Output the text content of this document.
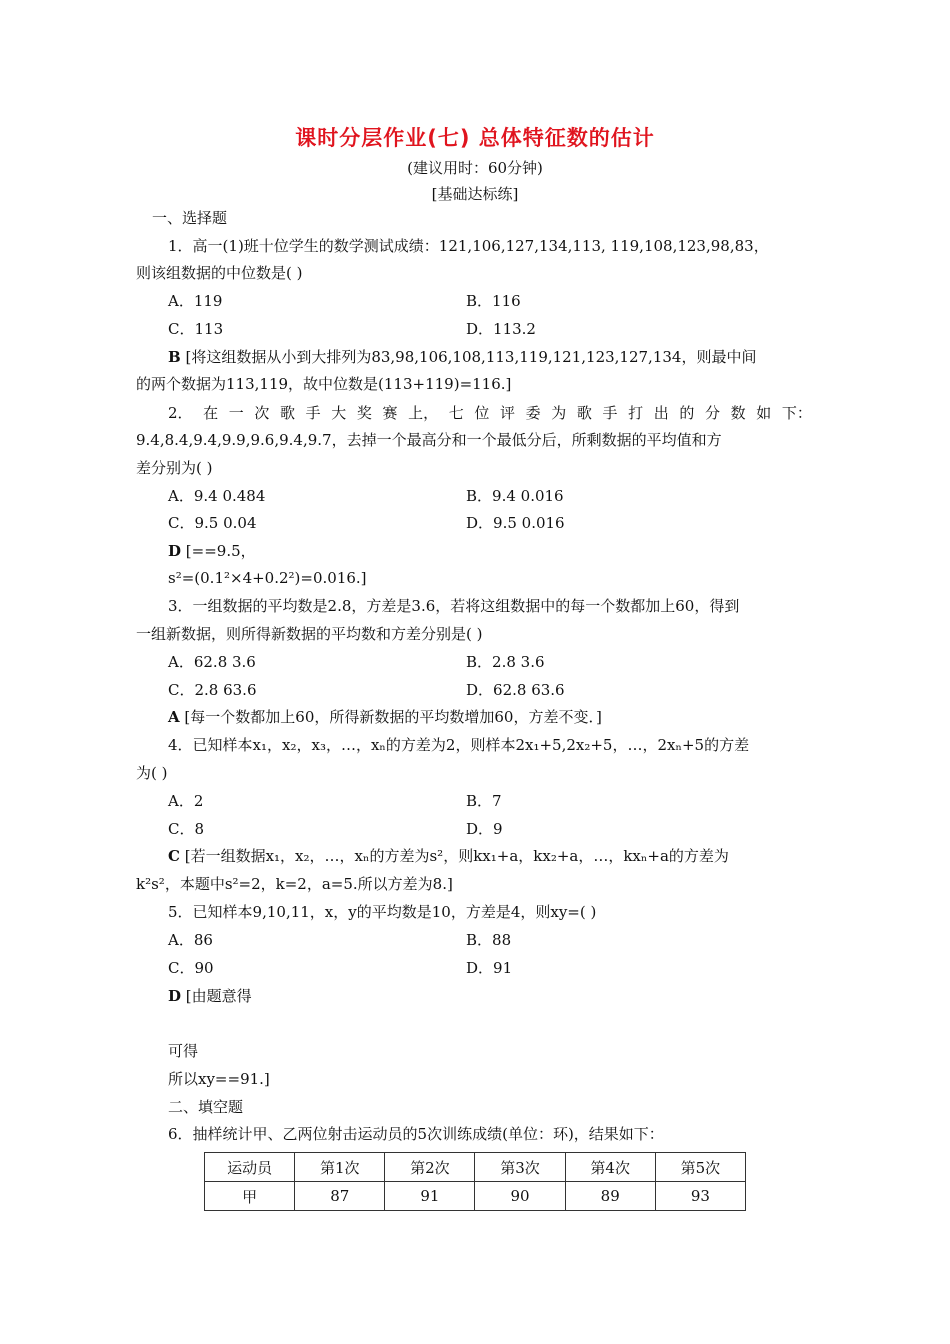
课时分层作业(七) 总体特征数的估计
(建议用时：60分钟)
[基础达标练]
一、选择题
1．高一(1)班十位学生的数学测试成绩：121,106,127,134,113, 119,108,123,98,83，
则该组数据的中位数是( )
A．119	B．116
C．113	D．113.2
B [将这组数据从小到大排列为83,98,106,108,113,119,121,123,127,134，则最中间
的两个数据为113,119，故中位数是(113+119)=116.]
2． 在 一 次 歌 手 大 奖 赛 上， 七 位 评 委 为 歌 手 打 出 的 分 数 如 下：
9.4,8.4,9.4,9.9,9.6,9.4,9.7，去掉一个最高分和一个最低分后，所剩数据的平均值和方
差分别为( )
A．9.4 0.484	B．9.4 0.016
C．9.5 0.04	D．9.5 0.016
D [==9.5，
s²=(0.1²×4+0.2²)=0.016.]
3．一组数据的平均数是2.8，方差是3.6，若将这组数据中的每一个数都加上60，得到
一组新数据，则所得新数据的平均数和方差分别是( )
A．62.8 3.6	B．2.8 3.6
C．2.8 63.6	D．62.8 63.6
A [每一个数都加上60，所得新数据的平均数增加60，方差不变．]
4．已知样本x₁，x₂，x₃，…，xₙ的方差为2，则样本2x₁+5,2x₂+5，…，2xₙ+5的方差
为( )
A．2	B．7
C．8	D．9
C [若一组数据x₁，x₂，…，xₙ的方差为s²，则kx₁+a，kx₂+a，…，kxₙ+a的方差为
k²s²，本题中s²=2，k=2，a=5.所以方差为8.]
5．已知样本9,10,11，x，y的平均数是10，方差是4，则xy=( )
A．86	B．88
C．90	D．91
D [由题意得
可得
所以xy==91.]
二、填空题
6．抽样统计甲、乙两位射击运动员的5次训练成绩(单位：环)，结果如下：
运动员	第1次	第2次	第3次	第4次	第5次
甲	87	91	90	89	93
